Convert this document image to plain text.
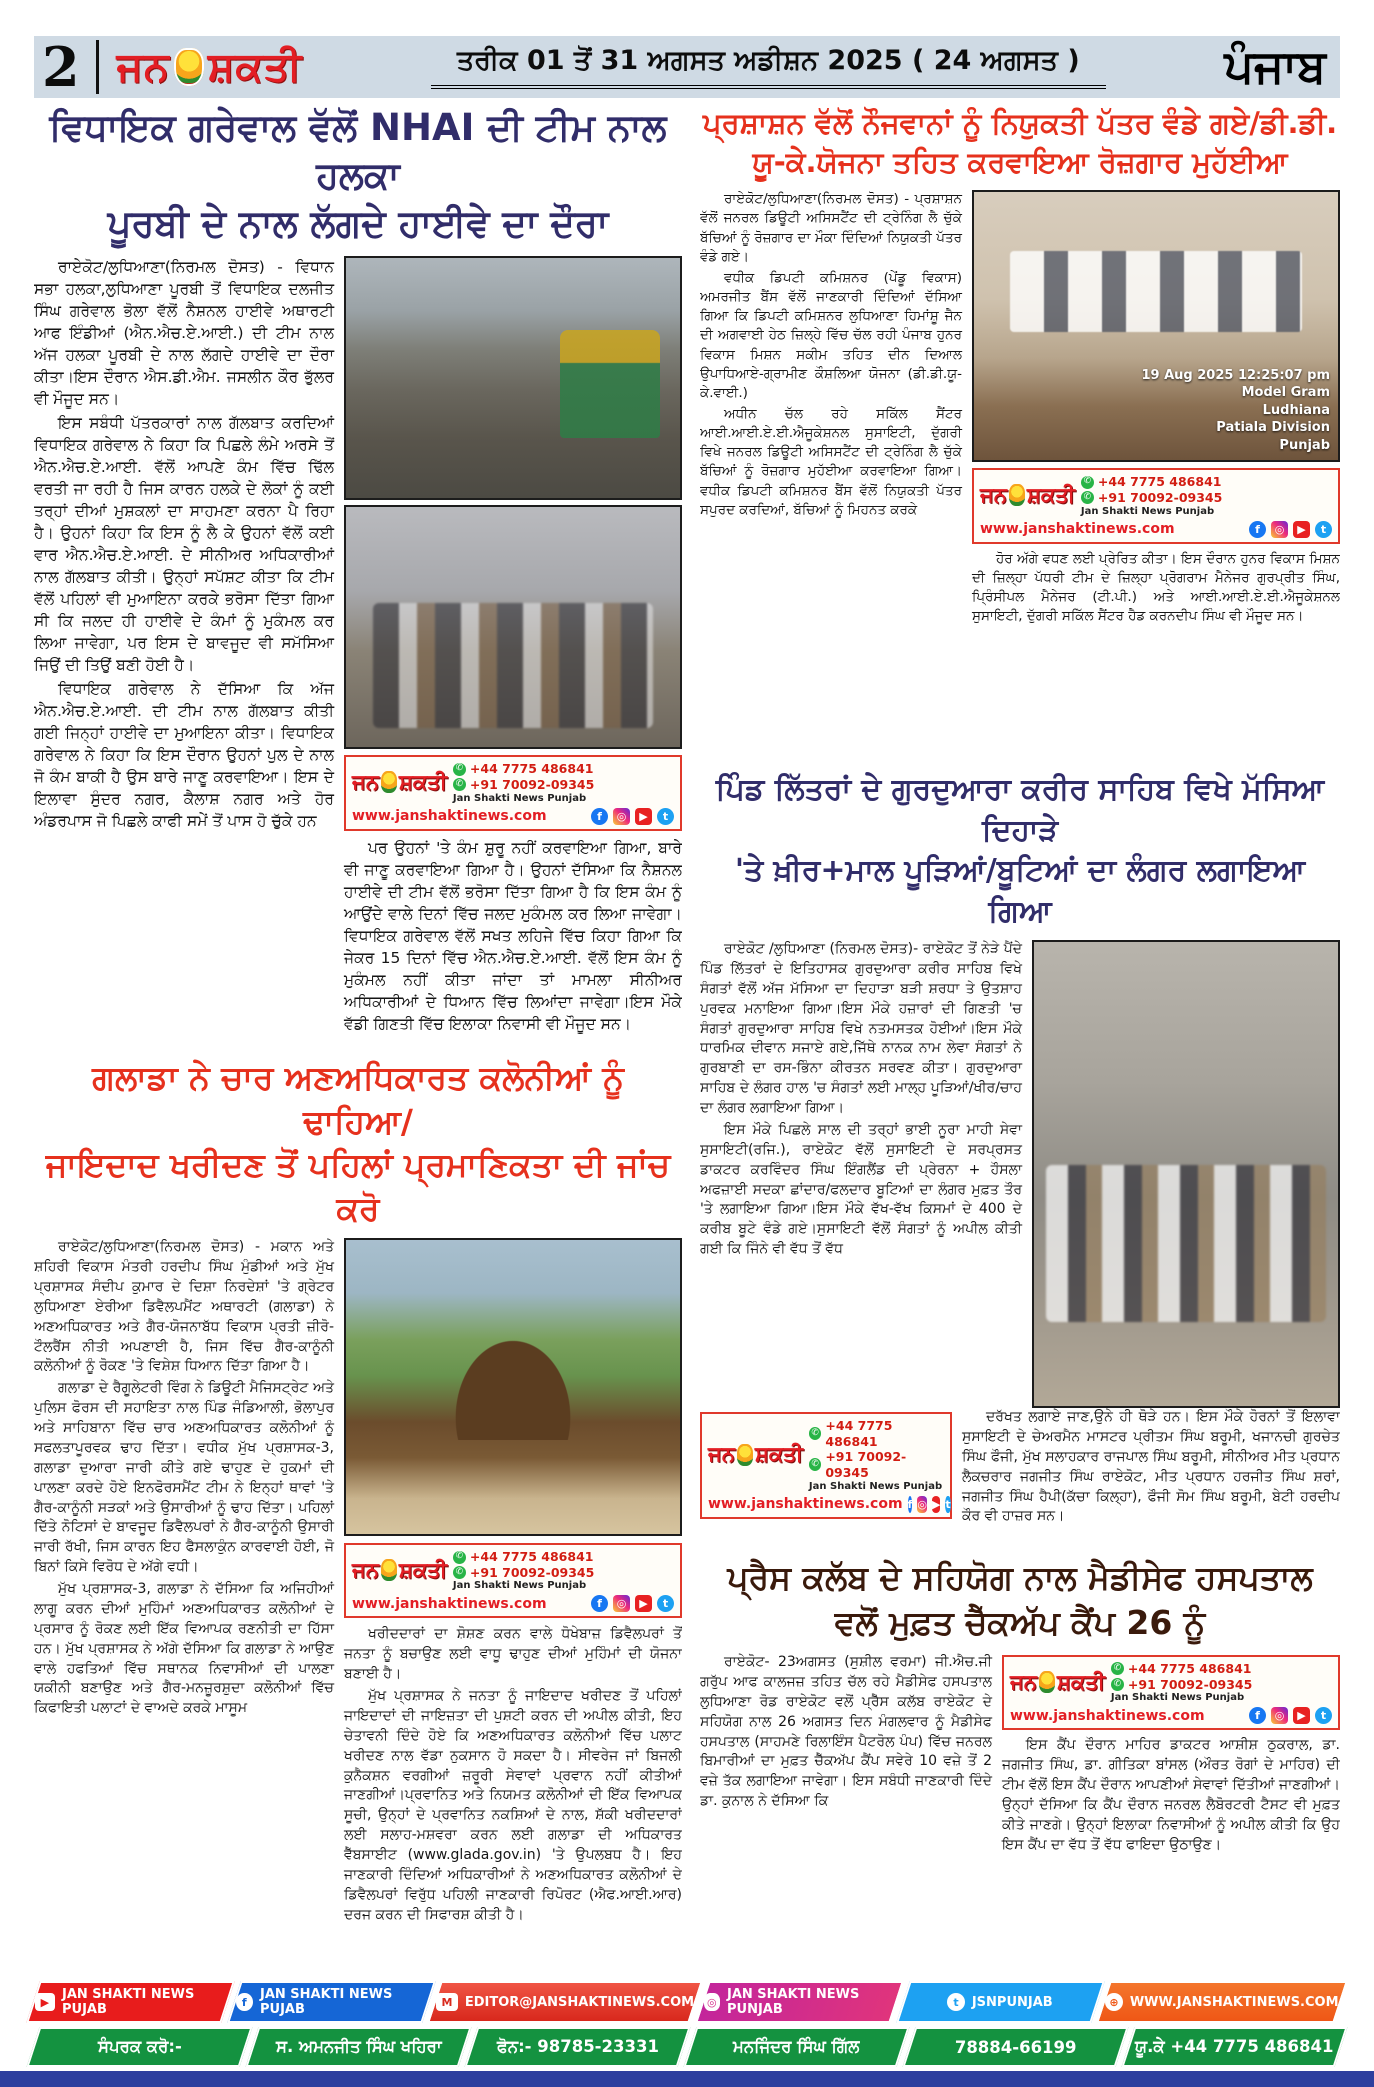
2 ਜਨ ਸ਼ਕਤੀ	ਤਰੀਕ 01 ਤੋਂ 31 ਅਗਸਤ ਅਡੀਸ਼ਨ 2025 ( 24 ਅਗਸਤ )	ਪੰਜਾਬ
ਵਿਧਾਇਕ ਗਰੇਵਾਲ ਵੱਲੋਂ NHAI ਦੀ ਟੀਮ ਨਾਲ ਹਲਕਾ
ਪੂਰਬੀ ਦੇ ਨਾਲ ਲੱਗਦੇ ਹਾਈਵੇ ਦਾ ਦੌਰਾ

ਰਾਏਕੋਟ/ਲੁਧਿਆਣਾ(ਨਿਰਮਲ ਦੋਸਤ) - ਵਿਧਾਨ ਸਭਾ ਹਲਕਾ,ਲੁਧਿਆਣਾ ਪੂਰਬੀ ਤੋਂ ਵਿਧਾਇਕ ਦਲਜੀਤ ਸਿੰਘ ਗਰੇਵਾਲ ਭੋਲਾ ਵੱਲੋਂ ਨੈਸ਼ਨਲ ਹਾਈਵੇ ਅਥਾਰਟੀ ਆਫ ਇੰਡੀਆਂ (ਐਨ.ਐਚ.ਏ.ਆਈ.) ਦੀ ਟੀਮ ਨਾਲ ਅੱਜ ਹਲਕਾ ਪੂਰਬੀ ਦੇ ਨਾਲ ਲੱਗਦੇ ਹਾਈਵੇ ਦਾ ਦੌਰਾ ਕੀਤਾ।ਇਸ ਦੌਰਾਨ ਐਸ.ਡੀ.ਐਮ. ਜਸਲੀਨ ਕੌਰ ਭੁੱਲਰ ਵੀ ਮੌਜੂਦ ਸਨ।

ਇਸ ਸਬੰਧੀ ਪੱਤਰਕਾਰਾਂ ਨਾਲ ਗੱਲਬਾਤ ਕਰਦਿਆਂ ਵਿਧਾਇਕ ਗਰੇਵਾਲ ਨੇ ਕਿਹਾ ਕਿ ਪਿਛਲੇ ਲੰਮੇ ਅਰਸੇ ਤੋਂ ਐਨ.ਐਚ.ਏ.ਆਈ. ਵੱਲੋਂ ਆਪਣੇ ਕੰਮ ਵਿੱਚ ਢਿੱਲ ਵਰਤੀ ਜਾ ਰਹੀ ਹੈ ਜਿਸ ਕਾਰਨ ਹਲਕੇ ਦੇ ਲੋਕਾਂ ਨੂੰ ਕਈ ਤਰ੍ਹਾਂ ਦੀਆਂ ਮੁਸ਼ਕਲਾਂ ਦਾ ਸਾਹਮਣਾ ਕਰਨਾ ਪੈ ਰਿਹਾ ਹੈ। ਉਹਨਾਂ ਕਿਹਾ ਕਿ ਇਸ ਨੂੰ ਲੈ ਕੇ ਉਹਨਾਂ ਵੱਲੋਂ ਕਈ ਵਾਰ ਐਨ.ਐਚ.ਏ.ਆਈ. ਦੇ ਸੀਨੀਅਰ ਅਧਿਕਾਰੀਆਂ ਨਾਲ ਗੱਲਬਾਤ ਕੀਤੀ। ਉਨ੍ਹਾਂ ਸਪੱਸ਼ਟ ਕੀਤਾ ਕਿ ਟੀਮ ਵੱਲੋਂ ਪਹਿਲਾਂ ਵੀ ਮੁਆਇਨਾ ਕਰਕੇ ਭਰੋਸਾ ਦਿੱਤਾ ਗਿਆ ਸੀ ਕਿ ਜਲਦ ਹੀ ਹਾਈਵੇ ਦੇ ਕੰਮਾਂ ਨੂੰ ਮੁਕੰਮਲ ਕਰ ਲਿਆ ਜਾਵੇਗਾ, ਪਰ ਇਸ ਦੇ ਬਾਵਜੂਦ ਵੀ ਸਮੱਸਿਆ ਜਿਉਂ ਦੀ ਤਿਉਂ ਬਣੀ ਹੋਈ ਹੈ।

ਵਿਧਾਇਕ ਗਰੇਵਾਲ ਨੇ ਦੱਸਿਆ ਕਿ ਅੱਜ ਐਨ.ਐਚ.ਏ.ਆਈ. ਦੀ ਟੀਮ ਨਾਲ ਗੱਲਬਾਤ ਕੀਤੀ ਗਈ ਜਿਨ੍ਹਾਂ ਹਾਈਵੇ ਦਾ ਮੁਆਇਨਾ ਕੀਤਾ। ਵਿਧਾਇਕ ਗਰੇਵਾਲ ਨੇ ਕਿਹਾ ਕਿ ਇਸ ਦੌਰਾਨ ਉਹਨਾਂ ਪੁਲ ਦੇ ਨਾਲ ਜੋ ਕੰਮ ਬਾਕੀ ਹੈ ਉਸ ਬਾਰੇ ਜਾਣੂ ਕਰਵਾਇਆ। ਇਸ ਦੇ ਇਲਾਵਾ ਸੁੰਦਰ ਨਗਰ, ਕੈਲਾਸ਼ ਨਗਰ ਅਤੇ ਹੋਰ ਅੰਡਰਪਾਸ ਜੋ ਪਿਛਲੇ ਕਾਫੀ ਸਮੇਂ ਤੋਂ ਪਾਸ ਹੋ ਚੁੱਕੇ ਹਨ

ਜਨ ਸ਼ਕਤੀ
✆ +44 7775 486841
✆ +91 70092-09345
Jan Shakti News Punjab
www.janshaktinews.com	f	◎	▶	t

ਪਰ ਉਹਨਾਂ 'ਤੇ ਕੰਮ ਸ਼ੁਰੂ ਨਹੀਂ ਕਰਵਾਇਆ ਗਿਆ, ਬਾਰੇ ਵੀ ਜਾਣੂ ਕਰਵਾਇਆ ਗਿਆ ਹੈ। ਉਹਨਾਂ ਦੱਸਿਆ ਕਿ ਨੈਸ਼ਨਲ ਹਾਈਵੇ ਦੀ ਟੀਮ ਵੱਲੋਂ ਭਰੋਸਾ ਦਿੱਤਾ ਗਿਆ ਹੈ ਕਿ ਇਸ ਕੰਮ ਨੂੰ ਆਉਂਦੇ ਵਾਲੇ ਦਿਨਾਂ ਵਿੱਚ ਜਲਦ ਮੁਕੰਮਲ ਕਰ ਲਿਆ ਜਾਵੇਗਾ।ਵਿਧਾਇਕ ਗਰੇਵਾਲ ਵੱਲੋਂ ਸਖਤ ਲਹਿਜੇ ਵਿੱਚ ਕਿਹਾ ਗਿਆ ਕਿ ਜੇਕਰ 15 ਦਿਨਾਂ ਵਿੱਚ ਐਨ.ਐਚ.ਏ.ਆਈ. ਵੱਲੋਂ ਇਸ ਕੰਮ ਨੂੰ ਮੁਕੰਮਲ ਨਹੀਂ ਕੀਤਾ ਜਾਂਦਾ ਤਾਂ ਮਾਮਲਾ ਸੀਨੀਅਰ ਅਧਿਕਾਰੀਆਂ ਦੇ ਧਿਆਨ ਵਿੱਚ ਲਿਆਂਦਾ ਜਾਵੇਗਾ।ਇਸ ਮੌਕੇ ਵੱਡੀ ਗਿਣਤੀ ਵਿੱਚ ਇਲਾਕਾ ਨਿਵਾਸੀ ਵੀ ਮੌਜੂਦ ਸਨ।

ਗਲਾਡਾ ਨੇ ਚਾਰ ਅਣਅਧਿਕਾਰਤ ਕਲੋਨੀਆਂ ਨੂੰ ਢਾਹਿਆ/
ਜਾਇਦਾਦ ਖਰੀਦਣ ਤੋਂ ਪਹਿਲਾਂ ਪ੍ਰਮਾਣਿਕਤਾ ਦੀ ਜਾਂਚ ਕਰੋ

ਰਾਏਕੋਟ/ਲੁਧਿਆਣਾ(ਨਿਰਮਲ ਦੋਸਤ) - ਮਕਾਨ ਅਤੇ ਸ਼ਹਿਰੀ ਵਿਕਾਸ ਮੰਤਰੀ ਹਰਦੀਪ ਸਿੰਘ ਮੁੰਡੀਆਂ ਅਤੇ ਮੁੱਖ ਪ੍ਰਸ਼ਾਸਕ ਸੰਦੀਪ ਕੁਮਾਰ ਦੇ ਦਿਸ਼ਾ ਨਿਰਦੇਸ਼ਾਂ 'ਤੇ ਗ੍ਰੇਟਰ ਲੁਧਿਆਣਾ ਏਰੀਆ ਡਿਵੈਲਪਮੈਂਟ ਅਥਾਰਟੀ (ਗਲਾਡਾ) ਨੇ ਅਣਅਧਿਕਾਰਤ ਅਤੇ ਗੈਰ-ਯੋਜਨਾਬੱਧ ਵਿਕਾਸ ਪ੍ਰਤੀ ਜ਼ੀਰੋ-ਟੌਲਰੈਂਸ ਨੀਤੀ ਅਪਣਾਈ ਹੈ, ਜਿਸ ਵਿੱਚ ਗੈਰ-ਕਾਨੂੰਨੀ ਕਲੋਨੀਆਂ ਨੂੰ ਰੋਕਣ 'ਤੇ ਵਿਸ਼ੇਸ਼ ਧਿਆਨ ਦਿੱਤਾ ਗਿਆ ਹੈ।

ਗਲਾਡਾ ਦੇ ਰੈਗੂਲੇਟਰੀ ਵਿੰਗ ਨੇ ਡਿਊਟੀ ਮੈਜਿਸਟ੍ਰੇਟ ਅਤੇ ਪੁਲਿਸ ਫੋਰਸ ਦੀ ਸਹਾਇਤਾ ਨਾਲ ਪਿੰਡ ਜੰਡਿਆਲੀ, ਭੋਲਾਪੁਰ ਅਤੇ ਸਾਹਿਬਾਨਾ ਵਿੱਚ ਚਾਰ ਅਣਅਧਿਕਾਰਤ ਕਲੋਨੀਆਂ ਨੂੰ ਸਫਲਤਾਪੂਰਵਕ ਢਾਹ ਦਿੱਤਾ। ਵਧੀਕ ਮੁੱਖ ਪ੍ਰਸ਼ਾਸਕ-3, ਗਲਾਡਾ ਦੁਆਰਾ ਜਾਰੀ ਕੀਤੇ ਗਏ ਢਾਹੁਣ ਦੇ ਹੁਕਮਾਂ ਦੀ ਪਾਲਣਾ ਕਰਦੇ ਹੋਏ ਇਨਫੋਰਸਮੈਂਟ ਟੀਮ ਨੇ ਇਨ੍ਹਾਂ ਥਾਵਾਂ 'ਤੇ ਗੈਰ-ਕਾਨੂੰਨੀ ਸੜਕਾਂ ਅਤੇ ਉਸਾਰੀਆਂ ਨੂੰ ਢਾਹ ਦਿੱਤਾ। ਪਹਿਲਾਂ ਦਿੱਤੇ ਨੋਟਿਸਾਂ ਦੇ ਬਾਵਜੂਦ ਡਿਵੈਲਪਰਾਂ ਨੇ ਗੈਰ-ਕਾਨੂੰਨੀ ਉਸਾਰੀ ਜਾਰੀ ਰੱਖੀ, ਜਿਸ ਕਾਰਨ ਇਹ ਫੈਸਲਾਕੁੰਨ ਕਾਰਵਾਈ ਹੋਈ, ਜੋ ਬਿਨਾਂ ਕਿਸੇ ਵਿਰੋਧ ਦੇ ਅੱਗੇ ਵਧੀ।

ਮੁੱਖ ਪ੍ਰਸ਼ਾਸਕ-3, ਗਲਾਡਾ ਨੇ ਦੱਸਿਆ ਕਿ ਅਜਿਹੀਆਂ ਲਾਗੂ ਕਰਨ ਦੀਆਂ ਮੁਹਿੰਮਾਂ ਅਣਅਧਿਕਾਰਤ ਕਲੋਨੀਆਂ ਦੇ ਪ੍ਰਸਾਰ ਨੂੰ ਰੋਕਣ ਲਈ ਇੱਕ ਵਿਆਪਕ ਰਣਨੀਤੀ ਦਾ ਹਿੱਸਾ ਹਨ। ਮੁੱਖ ਪ੍ਰਸ਼ਾਸਕ ਨੇ ਅੱਗੇ ਦੱਸਿਆ ਕਿ ਗਲਾਡਾ ਨੇ ਆਉਣ ਵਾਲੇ ਹਫਤਿਆਂ ਵਿੱਚ ਸਥਾਨਕ ਨਿਵਾਸੀਆਂ ਦੀ ਪਾਲਣਾ ਯਕੀਨੀ ਬਣਾਉਣ ਅਤੇ ਗੈਰ-ਮਨਜ਼ੂਰਸ਼ੁਦਾ ਕਲੋਨੀਆਂ ਵਿੱਚ ਕਿਫਾਇਤੀ ਪਲਾਟਾਂ ਦੇ ਵਾਅਦੇ ਕਰਕੇ ਮਾਸੂਮ

ਜਨ ਸ਼ਕਤੀ
✆ +44 7775 486841
✆ +91 70092-09345
Jan Shakti News Punjab
www.janshaktinews.com	f	◎	▶	t

ਖਰੀਦਦਾਰਾਂ ਦਾ ਸ਼ੋਸ਼ਣ ਕਰਨ ਵਾਲੇ ਧੋਖੇਬਾਜ਼ ਡਿਵੈਲਪਰਾਂ ਤੋਂ ਜਨਤਾ ਨੂੰ ਬਚਾਉਣ ਲਈ ਵਾਧੂ ਢਾਹੁਣ ਦੀਆਂ ਮੁਹਿੰਮਾਂ ਦੀ ਯੋਜਨਾ ਬਣਾਈ ਹੈ।

ਮੁੱਖ ਪ੍ਰਸ਼ਾਸਕ ਨੇ ਜਨਤਾ ਨੂੰ ਜਾਇਦਾਦ ਖਰੀਦਣ ਤੋਂ ਪਹਿਲਾਂ ਜਾਇਦਾਦਾਂ ਦੀ ਜਾਇਜ਼ਤਾ ਦੀ ਪੁਸ਼ਟੀ ਕਰਨ ਦੀ ਅਪੀਲ ਕੀਤੀ, ਇਹ ਚੇਤਾਵਨੀ ਦਿੰਦੇ ਹੋਏ ਕਿ ਅਣਅਧਿਕਾਰਤ ਕਲੋਨੀਆਂ ਵਿੱਚ ਪਲਾਟ ਖਰੀਦਣ ਨਾਲ ਵੱਡਾ ਨੁਕਸਾਨ ਹੋ ਸਕਦਾ ਹੈ। ਸੀਵਰੇਜ ਜਾਂ ਬਿਜਲੀ ਕੁਨੈਕਸ਼ਨ ਵਰਗੀਆਂ ਜ਼ਰੂਰੀ ਸੇਵਾਵਾਂ ਪ੍ਰਵਾਨ ਨਹੀਂ ਕੀਤੀਆਂ ਜਾਣਗੀਆਂ।ਪ੍ਰਵਾਨਿਤ ਅਤੇ ਨਿਯਮਤ ਕਲੋਨੀਆਂ ਦੀ ਇੱਕ ਵਿਆਪਕ ਸੂਚੀ, ਉਨ੍ਹਾਂ ਦੇ ਪ੍ਰਵਾਨਿਤ ਨਕਸ਼ਿਆਂ ਦੇ ਨਾਲ, ਸ਼ੱਕੀ ਖਰੀਦਦਾਰਾਂ ਲਈ ਸਲਾਹ-ਮਸ਼ਵਰਾ ਕਰਨ ਲਈ ਗਲਾਡਾ ਦੀ ਅਧਿਕਾਰਤ ਵੈੱਬਸਾਈਟ (www.glada.gov.in) 'ਤੇ ਉਪਲਬਧ ਹੈ। ਇਹ ਜਾਣਕਾਰੀ ਦਿੰਦਿਆਂ ਅਧਿਕਾਰੀਆਂ ਨੇ ਅਣਅਧਿਕਾਰਤ ਕਲੋਨੀਆਂ ਦੇ ਡਿਵੈਲਪਰਾਂ ਵਿਰੁੱਧ ਪਹਿਲੀ ਜਾਣਕਾਰੀ ਰਿਪੋਰਟ (ਐਫ.ਆਈ.ਆਰ) ਦਰਜ ਕਰਨ ਦੀ ਸਿਫਾਰਸ਼ ਕੀਤੀ ਹੈ।

ਪ੍ਰਸ਼ਾਸ਼ਨ ਵੱਲੋਂ ਨੌਜਵਾਨਾਂ ਨੂੰ ਨਿਯੁਕਤੀ ਪੱਤਰ ਵੰਡੇ ਗਏ/ਡੀ.ਡੀ.
ਯੂ-ਕੇ.ਯੋਜਨਾ ਤਹਿਤ ਕਰਵਾਇਆ ਰੋਜ਼ਗਾਰ ਮੁਹੱਈਆ

ਰਾਏਕੋਟ/ਲੁਧਿਆਣਾ(ਨਿਰਮਲ ਦੋਸਤ) - ਪ੍ਰਸ਼ਾਸ਼ਨ ਵੱਲੋਂ ਜਨਰਲ ਡਿਊਟੀ ਅਸਿਸਟੈਂਟ ਦੀ ਟ੍ਰੇਨਿੰਗ ਲੈ ਚੁੱਕੇ ਬੱਚਿਆਂ ਨੂੰ ਰੋਜ਼ਗਾਰ ਦਾ ਮੌਕਾ ਦਿੰਦਿਆਂ ਨਿਯੁਕਤੀ ਪੱਤਰ ਵੰਡੇ ਗਏ।

ਵਧੀਕ ਡਿਪਟੀ ਕਮਿਸ਼ਨਰ (ਪੇਂਡੂ ਵਿਕਾਸ) ਅਮਰਜੀਤ ਬੈਂਸ ਵੱਲੋਂ ਜਾਣਕਾਰੀ ਦਿੰਦਿਆਂ ਦੱਸਿਆ ਗਿਆ ਕਿ ਡਿਪਟੀ ਕਮਿਸ਼ਨਰ ਲੁਧਿਆਣਾ ਹਿਮਾਂਸ਼ੂ ਜੈਨ ਦੀ ਅਗਵਾਈ ਹੇਠ ਜ਼ਿਲ੍ਹੇ ਵਿੱਚ ਚੱਲ ਰਹੀ ਪੰਜਾਬ ਹੁਨਰ ਵਿਕਾਸ ਮਿਸ਼ਨ ਸਕੀਮ ਤਹਿਤ ਦੀਨ ਦਿਆਲ ਉਪਾਧਿਆਏ-ਗ੍ਰਾਮੀਣ ਕੌਸ਼ਲਿਆ ਯੋਜਨਾ (ਡੀ.ਡੀ.ਯੂ-ਕੇ.ਵਾਈ.)

ਅਧੀਨ ਚੱਲ ਰਹੇ ਸਕਿੱਲ ਸੈਂਟਰ ਆਈ.ਆਈ.ਏ.ਈ.ਐਜੂਕੇਸ਼ਨਲ ਸੁਸਾਇਟੀ, ਦੁੱਗਰੀ ਵਿਖੇ ਜਨਰਲ ਡਿਊਟੀ ਅਸਿਸਟੈਂਟ ਦੀ ਟ੍ਰੇਨਿੰਗ ਲੈ ਚੁੱਕੇ ਬੱਚਿਆਂ ਨੂੰ ਰੋਜ਼ਗਾਰ ਮੁਹੱਈਆ ਕਰਵਾਇਆ ਗਿਆ। ਵਧੀਕ ਡਿਪਟੀ ਕਮਿਸ਼ਨਰ ਬੈਂਸ ਵੱਲੋਂ ਨਿਯੁਕਤੀ ਪੱਤਰ ਸਪੁਰਦ ਕਰਦਿਆਂ, ਬੱਚਿਆਂ ਨੂੰ ਮਿਹਨਤ ਕਰਕੇ

19 Aug 2025 12:25:07 pm
Model Gram
Ludhiana
Patiala Division
Punjab
ਜਨ ਸ਼ਕਤੀ
✆ +44 7775 486841
✆ +91 70092-09345
Jan Shakti News Punjab
www.janshaktinews.com	f	◎	▶	t

ਹੋਰ ਅੱਗੇ ਵਧਣ ਲਈ ਪ੍ਰੇਰਿਤ ਕੀਤਾ। ਇਸ ਦੌਰਾਨ ਹੁਨਰ ਵਿਕਾਸ ਮਿਸ਼ਨ ਦੀ ਜ਼ਿਲ੍ਹਾ ਪੱਧਰੀ ਟੀਮ ਦੇ ਜ਼ਿਲ੍ਹਾ ਪ੍ਰੋਗਰਾਮ ਮੈਨੇਜਰ ਗੁਰਪ੍ਰੀਤ ਸਿੰਘ, ਪ੍ਰਿੰਸੀਪਲ ਮੈਨੇਜਰ (ਟੀ.ਪੀ.) ਅਤੇ ਆਈ.ਆਈ.ਏ.ਈ.ਐਜੂਕੇਸ਼ਨਲ ਸੁਸਾਇਟੀ, ਦੁੱਗਰੀ ਸਕਿੱਲ ਸੈਂਟਰ ਹੈਡ ਕਰਨਦੀਪ ਸਿੰਘ ਵੀ ਮੌਜੂਦ ਸਨ।

ਪਿੰਡ ਲਿੱਤਰਾਂ ਦੇ ਗੁਰਦੁਆਰਾ ਕਰੀਰ ਸਾਹਿਬ ਵਿਖੇ ਮੱਸਿਆ ਦਿਹਾੜੇ
'ਤੇ ਖ਼ੀਰ+ਮਾਲ ਪੂੜਿਆਂ/ਬੂਟਿਆਂ ਦਾ ਲੰਗਰ ਲਗਾਇਆ ਗਿਆ

ਰਾਏਕੋਟ /ਲੁਧਿਆਣਾ (ਨਿਰਮਲ ਦੋਸਤ)- ਰਾਏਕੋਟ ਤੋਂ ਨੇੜੇ ਪੈਂਦੇ ਪਿੰਡ ਲਿੱਤਰਾਂ ਦੇ ਇਤਿਹਾਸਕ ਗੁਰਦੁਆਰਾ ਕਰੀਰ ਸਾਹਿਬ ਵਿਖੇ ਸੰਗਤਾਂ ਵੱਲੋਂ ਅੱਜ ਮੱਸਿਆ ਦਾ ਦਿਹਾੜਾ ਬੜੀ ਸ਼ਰਧਾ ਤੇ ਉਤਸ਼ਾਹ ਪੁਰਵਕ ਮਨਾਇਆ ਗਿਆ।ਇਸ ਮੌਕੇ ਹਜ਼ਾਰਾਂ ਦੀ ਗਿਣਤੀ 'ਚ ਸੰਗਤਾਂ ਗੁਰਦੁਆਰਾ ਸਾਹਿਬ ਵਿਖੇ ਨਤਮਸਤਕ ਹੋਈਆਂ।ਇਸ ਮੌਕੇ ਧਾਰਮਿਕ ਦੀਵਾਨ ਸਜਾਏ ਗਏ,ਜਿੱਥੇ ਨਾਨਕ ਨਾਮ ਲੇਵਾ ਸੰਗਤਾਂ ਨੇ ਗੁਰਬਾਣੀ ਦਾ ਰਸ-ਭਿੰਨਾ ਕੀਰਤਨ ਸਰਵਣ ਕੀਤਾ। ਗੁਰਦੁਆਰਾ ਸਾਹਿਬ ਦੇ ਲੰਗਰ ਹਾਲ 'ਚ ਸੰਗਤਾਂ ਲਈ ਮਾਲ੍ਹ ਪੂੜਿਆਂ/ਖੀਰ/ਚਾਹ ਦਾ ਲੰਗਰ ਲਗਾਇਆ ਗਿਆ।

ਇਸ ਮੌਕੇ ਪਿਛਲੇ ਸਾਲ ਦੀ ਤਰ੍ਹਾਂ ਭਾਈ ਨੂਰਾ ਮਾਹੀ ਸੇਵਾ ਸੁਸਾਇਟੀ(ਰਜਿ.), ਰਾਏਕੋਟ ਵੱਲੋਂ ਸੁਸਾਇਟੀ ਦੇ ਸਰਪ੍ਰਸਤ ਡਾਕਟਰ ਕਰਵਿੰਦਰ ਸਿੰਘ ਇੰਗਲੈਂਡ ਦੀ ਪ੍ਰੇਰਨਾ + ਹੌਸਲਾ ਅਫਜ਼ਾਈ ਸਦਕਾ ਛਾਂਦਾਰ/ਫਲਦਾਰ ਬੂਟਿਆਂ ਦਾ ਲੰਗਰ ਮੁਫ਼ਤ ਤੌਰ 'ਤੇ ਲਗਾਇਆ ਗਿਆ।ਇਸ ਮੌਕੇ ਵੱਖ-ਵੱਖ ਕਿਸਮਾਂ ਦੇ 400 ਦੇ ਕਰੀਬ ਬੂਟੇ ਵੰਡੇ ਗਏ।ਸੁਸਾਇਟੀ ਵੱਲੋਂ ਸੰਗਤਾਂ ਨੂੰ ਅਪੀਲ ਕੀਤੀ ਗਈ ਕਿ ਜਿੰਨੇ ਵੀ ਵੱਧ ਤੋਂ ਵੱਧ

ਜਨ ਸ਼ਕਤੀ
✆ +44 7775 486841
✆ +91 70092-09345
Jan Shakti News Punjab
www.janshaktinews.com f ◎ ▶ t

ਦਰੱਖਤ ਲਗਾਏ ਜਾਣ,ਉਨੇ ਹੀ ਥੋੜੇ ਹਨ। ਇਸ ਮੌਕੇ ਹੋਰਨਾਂ ਤੋਂ ਇਲਾਵਾ ਸੁਸਾਇਟੀ ਦੇ ਚੇਅਰਮੈਨ ਮਾਸਟਰ ਪ੍ਰੀਤਮ ਸਿੰਘ ਬਰੂਮੀ, ਖਜਾਨਚੀ ਗੁਰਚੇਤ ਸਿੰਘ ਫੌਜੀ, ਮੁੱਖ ਸਲਾਹਕਾਰ ਰਾਜਪਾਲ ਸਿੰਘ ਬਰੂਮੀ, ਸੀਨੀਅਰ ਮੀਤ ਪ੍ਰਧਾਨ ਲੈਕਚਰਾਰ ਜਗਜੀਤ ਸਿੰਘ ਰਾਏਕੋਟ, ਮੀਤ ਪ੍ਰਧਾਨ ਹਰਜੀਤ ਸਿੰਘ ਸ਼ਰਾਂ, ਜਗਜੀਤ ਸਿੰਘ ਹੈਪੀ(ਕੱਚਾ ਕਿਲ੍ਹਾ), ਫੌਜੀ ਸੋਮ ਸਿੰਘ ਬਰੂਮੀ, ਬੇਟੀ ਹਰਦੀਪ ਕੌਰ ਵੀ ਹਾਜ਼ਰ ਸਨ।

ਪ੍ਰੈਸ ਕਲੱਬ ਦੇ ਸਹਿਯੋਗ ਨਾਲ ਮੈਡੀਸੇਫ ਹਸਪਤਾਲ
ਵਲੋਂ ਮੁਫ਼ਤ ਚੈੱਕਅੱਪ ਕੈਂਪ 26 ਨੂੰ

ਰਾਏਕੋਟ- 23ਅਗਸਤ (ਸੁਸ਼ੀਲ ਵਰਮਾ) ਜੀ.ਐਚ.ਜੀ ਗਰੁੱਪ ਆਫ ਕਾਲਜਜ਼ ਤਹਿਤ ਚੱਲ ਰਹੇ ਮੈਡੀਸੇਫ ਹਸਪਤਾਲ ਲੁਧਿਆਣਾ ਰੋਡ ਰਾਏਕੋਟ ਵਲੋਂ ਪ੍ਰੈੱਸ ਕਲੱਬ ਰਾਏਕੋਟ ਦੇ ਸਹਿਯੋਗ ਨਾਲ 26 ਅਗਸਤ ਦਿਨ ਮੰਗਲਵਾਰ ਨੂੰ ਮੈਡੀਸੇਫ ਹਸਪਤਾਲ (ਸਾਹਮਣੇ ਰਿਲਾਇੰਸ ਪੈਟਰੋਲ ਪੰਪ) ਵਿੱਚ ਜਨਰਲ ਬਿਮਾਰੀਆਂ ਦਾ ਮੁਫ਼ਤ ਚੈੱਕਅੱਪ ਕੈਂਪ ਸਵੇਰੇ 10 ਵਜ਼ੇ ਤੋਂ 2 ਵਜ਼ੇ ਤੱਕ ਲਗਾਇਆ ਜਾਵੇਗਾ। ਇਸ ਸਬੰਧੀ ਜਾਣਕਾਰੀ ਦਿੰਦੇ ਡਾ. ਕੁਨਾਲ ਨੇ ਦੱਸਿਆ ਕਿ

ਜਨ ਸ਼ਕਤੀ
✆ +44 7775 486841
✆ +91 70092-09345
Jan Shakti News Punjab
www.janshaktinews.com	f	◎	▶	t

ਇਸ ਕੈਂਪ ਦੌਰਾਨ ਮਾਹਿਰ ਡਾਕਟਰ ਆਸ਼ੀਸ਼ ਠੁਕਰਾਲ, ਡਾ. ਜਗਜੀਤ ਸਿੰਘ, ਡਾ. ਗੀਤਿਕਾ ਬਾਂਸਲ (ਔਰਤ ਰੋਗਾਂ ਦੇ ਮਾਹਿਰ) ਦੀ ਟੀਮ ਵੱਲੋਂ ਇਸ ਕੈਂਪ ਦੌਰਾਨ ਆਪਣੀਆਂ ਸੇਵਾਵਾਂ ਦਿੱਤੀਆਂ ਜਾਣਗੀਆਂ। ਉਨ੍ਹਾਂ ਦੱਸਿਆ ਕਿ ਕੈਂਪ ਦੌਰਾਨ ਜਨਰਲ ਲੈਬੋਰਟਰੀ ਟੈਸਟ ਵੀ ਮੁਫ਼ਤ ਕੀਤੇ ਜਾਣਗੇ। ਉਨ੍ਹਾਂ ਇਲਾਕਾ ਨਿਵਾਸੀਆਂ ਨੂੰ ਅਪੀਲ ਕੀਤੀ ਕਿ ਉਹ ਇਸ ਕੈਂਪ ਦਾ ਵੱਧ ਤੋਂ ਵੱਧ ਫਾਇਦਾ ਉਠਾਉਣ।

▶ JAN SHAKTI NEWS PUJAB	f JAN SHAKTI NEWS PUJAB	M EDITOR@JANSHAKTINEWS.COM ◎ JAN SHAKTI NEWS PUNJAB	t	JSNPUNJAB	⊕ WWW.JANSHAKTINEWS.COM
ਸੰਪਰਕ ਕਰੋ:-	ਸ. ਅਮਨਜੀਤ ਸਿੰਘ ਖਹਿਰਾ	ਫੋਨ:- 98785-23331	ਮਨਜਿੰਦਰ ਸਿੰਘ ਗਿੱਲ	78884-66199	ਯੂ.ਕੇ +44 7775 486841
